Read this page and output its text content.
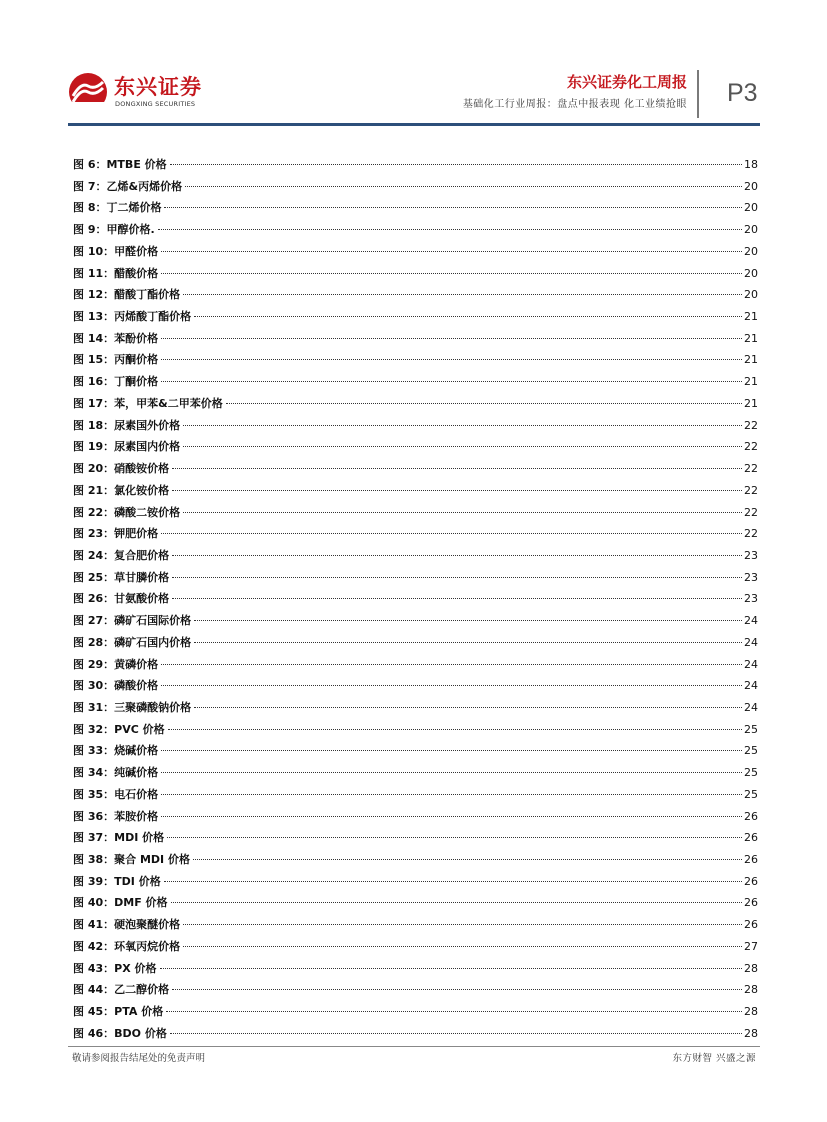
东兴证券
DONGXING SECURITIES
东兴证券化工周报
基础化工行业周报：盘点中报表现 化工业绩抢眼 P3
图 6：MTBE 价格	18
图 7：乙烯&丙烯价格	20
图 8：丁二烯价格	20
图 9：甲醇价格.	20
图 10：甲醛价格	20
图 11：醋酸价格	20
图 12：醋酸丁酯价格	20
图 13：丙烯酸丁酯价格	21
图 14：苯酚价格	21
图 15：丙酮价格	21
图 16：丁酮价格	21
图 17：苯，甲苯&二甲苯价格	21
图 18：尿素国外价格	22
图 19：尿素国内价格	22
图 20：硝酸铵价格	22
图 21：氯化铵价格	22
图 22：磷酸二铵价格	22
图 23：钾肥价格	22
图 24：复合肥价格	23
图 25：草甘膦价格	23
图 26：甘氨酸价格	23
图 27：磷矿石国际价格	24
图 28：磷矿石国内价格	24
图 29：黄磷价格	24
图 30：磷酸价格	24
图 31：三聚磷酸钠价格	24
图 32：PVC 价格	25
图 33：烧碱价格	25
图 34：纯碱价格	25
图 35：电石价格	25
图 36：苯胺价格	26
图 37：MDI 价格	26
图 38：聚合 MDI 价格	26
图 39：TDI 价格	26
图 40：DMF 价格	26
图 41：硬泡聚醚价格	26
图 42：环氧丙烷价格	27
图 43：PX 价格	28
图 44：乙二醇价格	28
图 45：PTA 价格	28
图 46：BDO 价格	28
敬请参阅报告结尾处的免责声明	东方财智 兴盛之源
